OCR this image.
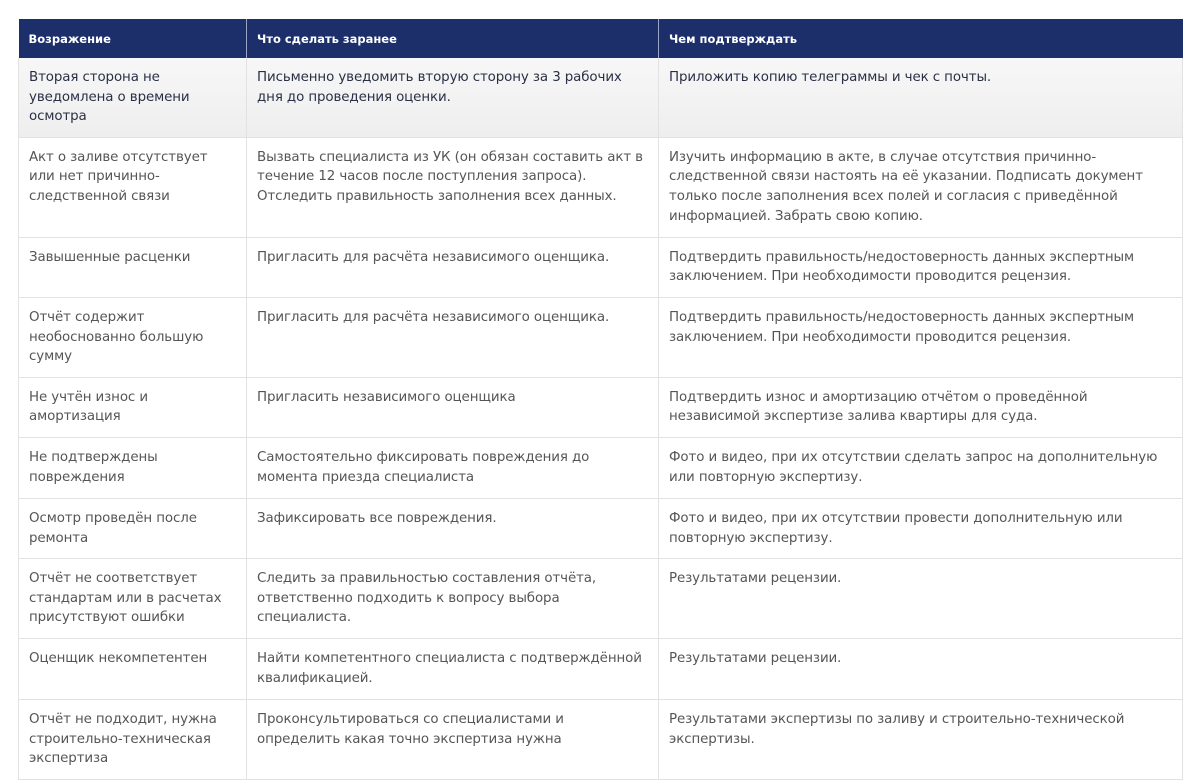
Возражение	Что сделать заранее	Чем подтверждать
Вторая сторона не уведомлена о времени осмотра	Письменно уведомить вторую сторону за 3 рабочих дня до проведения оценки.	Приложить копию телеграммы и чек с почты.
Акт о заливе отсутствует или нет причинно-следственной связи	Вызвать специалиста из УК (он обязан составить акт в течение 12 часов после поступления запроса). Отследить правильность заполнения всех данных.	Изучить информацию в акте, в случае отсутствия причинно-следственной связи настоять на её указании. Подписать документ только после заполнения всех полей и согласия с приведённой информацией. Забрать свою копию.
Завышенные расценки	Пригласить для расчёта независимого оценщика.	Подтвердить правильность/недостоверность данных экспертным заключением. При необходимости проводится рецензия.
Отчёт содержит необоснованно большую сумму	Пригласить для расчёта независимого оценщика.	Подтвердить правильность/недостоверность данных экспертным заключением. При необходимости проводится рецензия.
Не учтён износ и амортизация	Пригласить независимого оценщика	Подтвердить износ и амортизацию отчётом о проведённой независимой экспертизе залива квартиры для суда.
Не подтверждены повреждения	Самостоятельно фиксировать повреждения до момента приезда специалиста	Фото и видео, при их отсутствии сделать запрос на дополнительную или повторную экспертизу.
Осмотр проведён после ремонта	Зафиксировать все повреждения.	Фото и видео, при их отсутствии провести дополнительную или повторную экспертизу.
Отчёт не соответствует стандартам или в расчетах присутствуют ошибки	Следить за правильностью составления отчёта, ответственно подходить к вопросу выбора специалиста.	Результатами рецензии.
Оценщик некомпетентен	Найти компетентного специалиста с подтверждённой квалификацией.	Результатами рецензии.
Отчёт не подходит, нужна строительно-техническая экспертиза	Проконсультироваться со специалистами и определить какая точно экспертиза нужна	Результатами экспертизы по заливу и строительно-технической экспертизы.
